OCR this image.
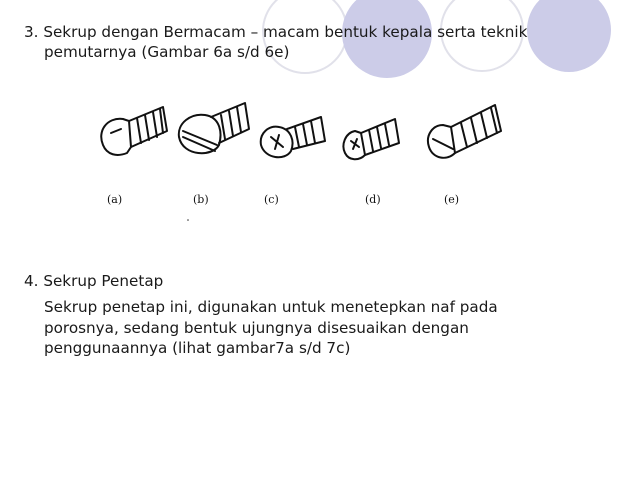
3. Sekrup dengan Bermacam – macam bentuk kepala serta teknik
pemutarnya (Gambar 6a s/d 6e)

(a)	(b)	(c)	(d)	(e)

4. Sekrup Penetap

Sekrup penetap ini, digunakan untuk menetepkan naf pada
porosnya, sedang bentuk ujungnya disesuaikan dengan
penggunaannya (lihat gambar7a s/d 7c)
